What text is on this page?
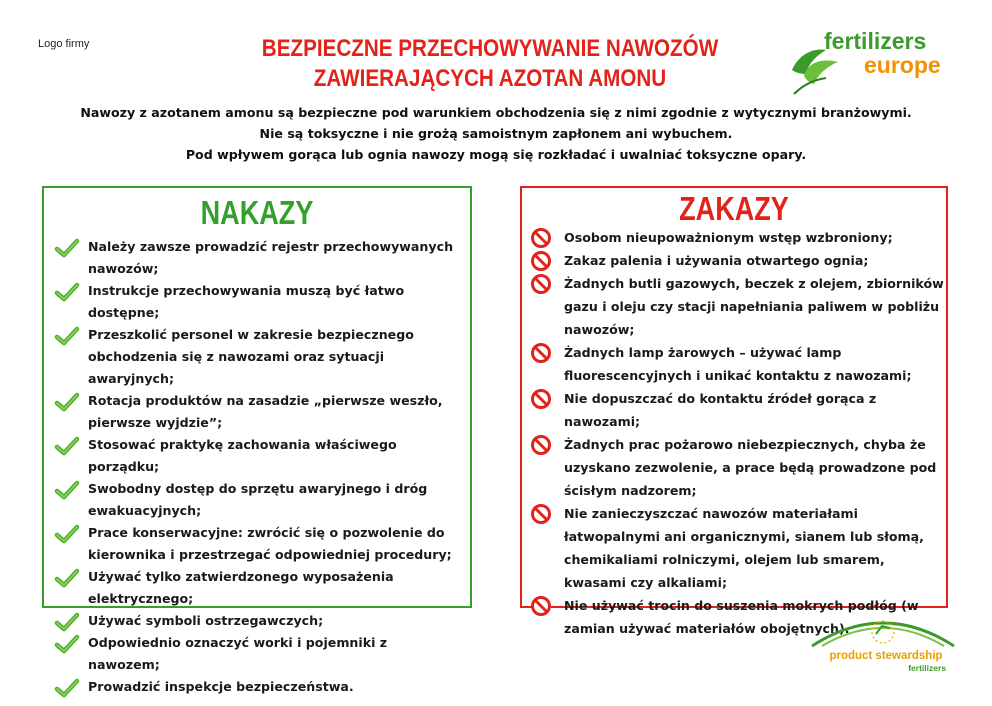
Logo firmy	BEZPIECZNE PRZECHOWYWANIE NAWOZÓW
ZAWIERAJĄCYCH AZOTAN AMONU
fertilizers
europe
Nawozy z azotanem amonu są bezpieczne pod warunkiem obchodzenia się z nimi zgodnie z wytycznymi branżowymi.
Nie są toksyczne i nie grożą samoistnym zapłonem ani wybuchem.
Pod wpływem gorąca lub ognia nawozy mogą się rozkładać i uwalniać toksyczne opary.
NAKAZY
Należy zawsze prowadzić rejestr przechowywanych nawozów;
Instrukcje przechowywania muszą być łatwo dostępne;
Przeszkolić personel w zakresie bezpiecznego obchodzenia się z nawozami oraz sytuacji awaryjnych;
Rotacja produktów na zasadzie „pierwsze weszło, pierwsze wyjdzie”;
Stosować praktykę zachowania właściwego porządku;
Swobodny dostęp do sprzętu awaryjnego i dróg ewakuacyjnych;
Prace konserwacyjne: zwrócić się o pozwolenie do kierownika i przestrzegać odpowiedniej procedury;
Używać tylko zatwierdzonego wyposażenia elektrycznego;
Używać symboli ostrzegawczych;
Odpowiednio oznaczyć worki i pojemniki z nawozem;
Prowadzić inspekcje bezpieczeństwa.
ZAKAZY
Osobom nieupoważnionym wstęp wzbroniony;
Zakaz palenia i używania otwartego ognia;
Żadnych butli gazowych, beczek z olejem, zbiorników gazu i oleju czy stacji napełniania paliwem w pobliżu nawozów;
Żadnych lamp żarowych – używać lamp fluorescencyjnych i unikać kontaktu z nawozami;
Nie dopuszczać do kontaktu źródeł gorąca z nawozami;
Żadnych prac pożarowo niebezpiecznych, chyba że uzyskano zezwolenie, a prace będą prowadzone pod ścisłym nadzorem;
Nie zanieczyszczać nawozów materiałami łatwopalnymi ani organicznymi, sianem lub słomą, chemikaliami rolniczymi, olejem lub smarem, kwasami czy alkaliami;
Nie używać trocin do suszenia mokrych podłóg (w zamian używać materiałów obojętnych).
product stewardship
fertilizers
